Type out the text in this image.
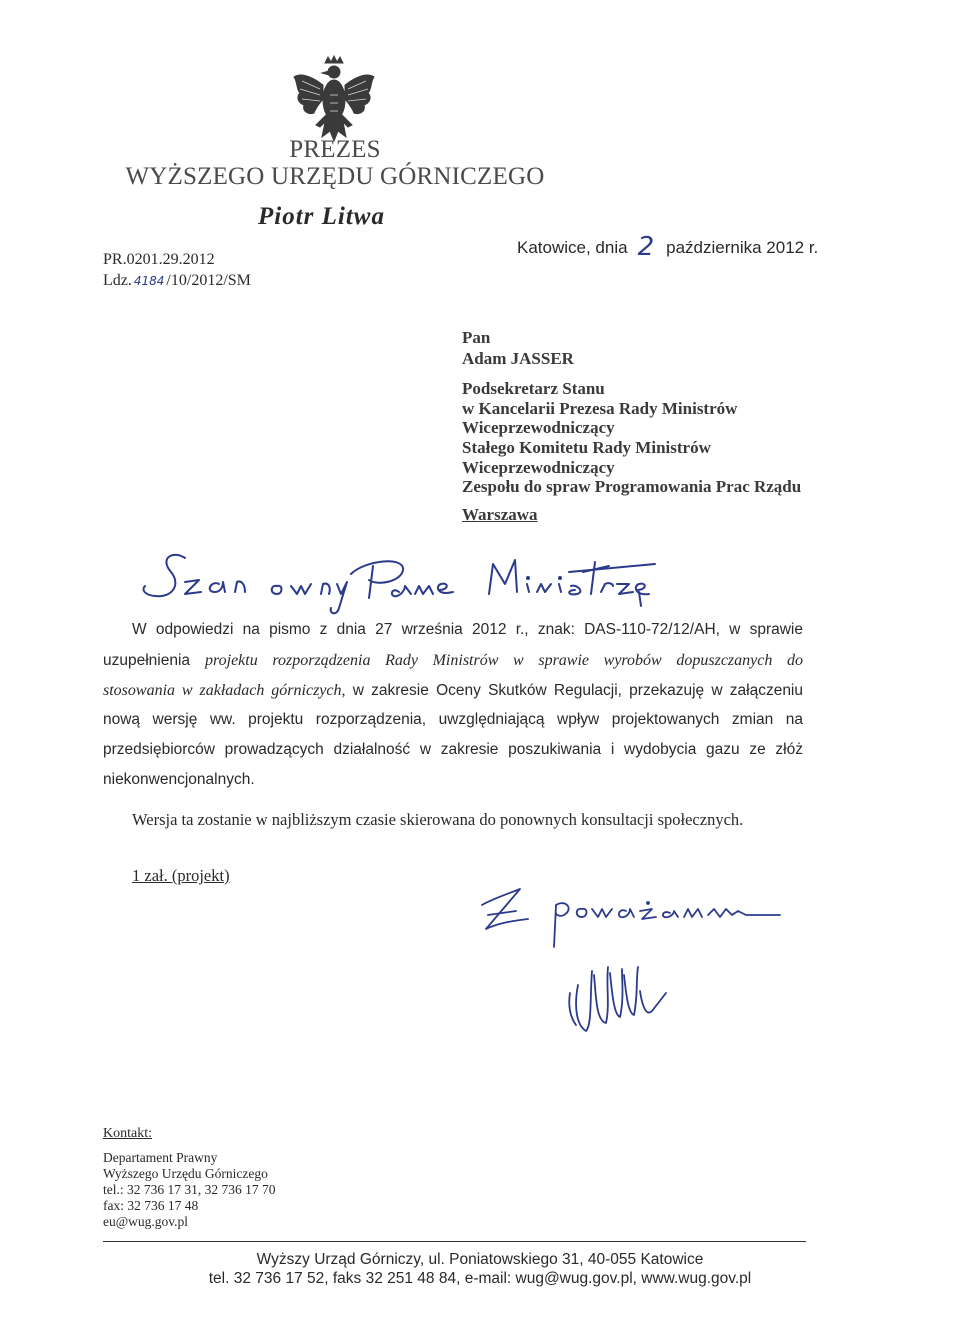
PREZES
WYŻSZEGO URZĘDU GÓRNICZEGO
Piotr Litwa
PR.0201.29.2012
Ldz. 4184 /10/2012/SM
Katowice, dnia 2 października 2012 r.
Pan
Adam JASSER
Podsekretarz Stanu
w Kancelarii Prezesa Rady Ministrów
Wiceprzewodniczący
Stałego Komitetu Rady Ministrów
Wiceprzewodniczący
Zespołu do spraw Programowania Prac Rządu
Warszawa
W odpowiedzi na pismo z dnia 27 września 2012 r., znak: DAS-110-72/12/AH, w sprawie
uzupełnienia projektu rozporządzenia Rady Ministrów w sprawie wyrobów dopuszczanych do
stosowania w zakładach górniczych, w zakresie Oceny Skutków Regulacji, przekazuję w załączeniu
nową wersję ww. projektu rozporządzenia, uwzględniającą wpływ projektowanych zmian na
przedsiębiorców prowadzących działalność w zakresie poszukiwania i wydobycia gazu ze złóż
niekonwencjonalnych.
Wersja ta zostanie w najbliższym czasie skierowana do ponownych konsultacji społecznych.
1 zał. (projekt)
Kontakt:
Departament Prawny
Wyższego Urzędu Górniczego
tel.: 32 736 17 31, 32 736 17 70
fax: 32 736 17 48
eu@wug.gov.pl
Wyższy Urząd Górniczy, ul. Poniatowskiego 31, 40-055 Katowice
tel. 32 736 17 52, faks 32 251 48 84, e-mail: wug@wug.gov.pl, www.wug.gov.pl
